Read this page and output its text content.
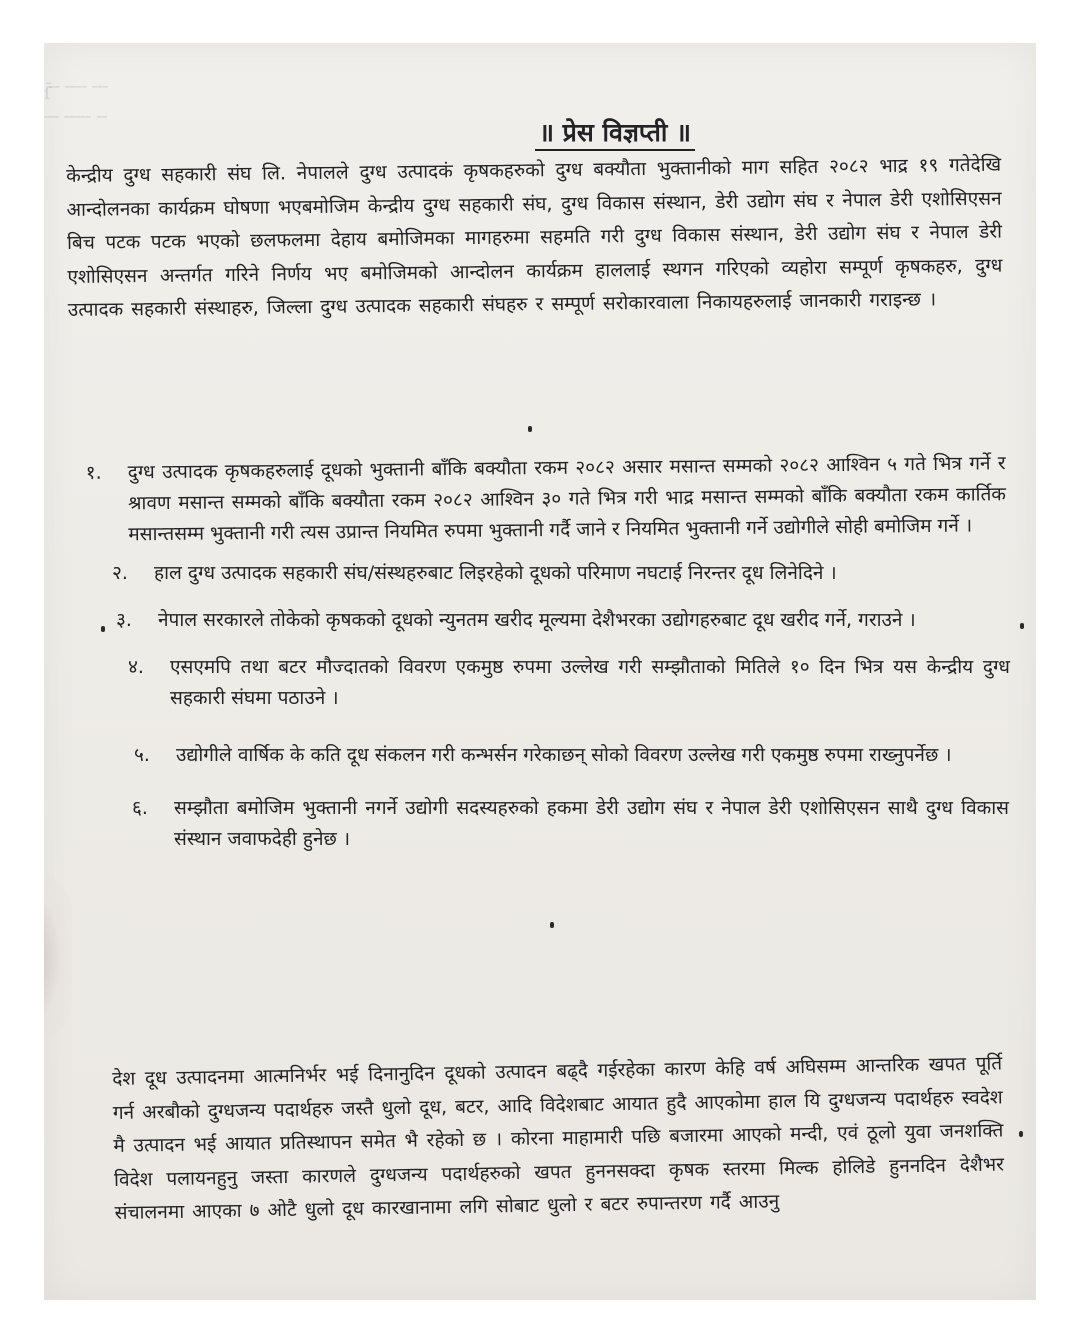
ſ̄ ̄ ̄  ̄ ̄ ̄ ̄  ̄ ̄ ̄
̄ ̄ ̄  ̄ ̄ ̄ ̄ ̄  ̄ ̄	॥ प्रेस विज्ञप्ती ॥

केन्द्रीय दुग्ध सहकारी संघ लि. नेपालले दुग्ध उत्पादकं कृषकहरुको दुग्ध बक्यौता भुक्तानीको माग सहित २०८२ भाद्र १९ गतेदेखि आन्दोलनका कार्यक्रम घोषणा भएबमोजिम केन्द्रीय दुग्ध सहकारी संघ, दुग्ध विकास संस्थान, डेरी उद्योग संघ र नेपाल डेरी एशोसिएसन बिच पटक पटक भएको छलफलमा देहाय बमोजिमका मागहरुमा सहमति गरी दुग्ध विकास संस्थान, डेरी उद्योग संघ र नेपाल डेरी एशोसिएसन अन्तर्गत गरिने निर्णय भए बमोजिमको आन्दोलन कार्यक्रम हाललाई स्थगन गरिएको व्यहोरा सम्पूर्ण कृषकहरु, दुग्ध उत्पादक सहकारी संस्थाहरु, जिल्ला दुग्ध उत्पादक सहकारी संघहरु र सम्पूर्ण सरोकारवाला निकायहरुलाई जानकारी गराइन्छ ।

१. दुग्ध उत्पादक कृषकहरुलाई दूधको भुक्तानी बाँकि बक्यौता रकम २०८२ असार मसान्त सम्मको २०८२ आश्विन ५ गते भित्र गर्ने र श्रावण मसान्त सम्मको बाँकि बक्यौता रकम २०८२ आश्विन ३० गते भित्र गरी भाद्र मसान्त सम्मको बाँकि बक्यौता रकम कार्तिक मसान्तसम्म भुक्तानी गरी त्यस उप्रान्त नियमित रुपमा भुक्तानी गर्दै जाने र नियमित भुक्तानी गर्ने उद्योगीले सोही बमोजिम गर्ने ।
२. हाल दुग्ध उत्पादक सहकारी संघ/संस्थहरुबाट लिइरहेको दूधको परिमाण नघटाई निरन्तर दूध लिनेदिने ।
३. नेपाल सरकारले तोकेको कृषकको दूधको न्युनतम खरीद मूल्यमा देशैभरका उद्योगहरुबाट दूध खरीद गर्ने, गराउने ।
४. एसएमपि तथा बटर मौज्दातको विवरण एकमुष्ठ रुपमा उल्लेख गरी सम्झौताको मितिले १० दिन भित्र यस केन्द्रीय दुग्ध सहकारी संघमा पठाउने ।
५. उद्योगीले वार्षिक के कति दूध संकलन गरी कन्भर्सन गरेकाछन् सोको विवरण उल्लेख गरी एकमुष्ठ रुपमा राख्नुपर्नेछ ।
६. सम्झौता बमोजिम भुक्तानी नगर्ने उद्योगी सदस्यहरुको हकमा डेरी उद्योग संघ र नेपाल डेरी एशोसिएसन साथै दुग्ध विकास संस्थान जवाफदेही हुनेछ ।

देश दूध उत्पादनमा आत्मनिर्भर भई दिनानुदिन दूधको उत्पादन बढ्दै गईरहेका कारण केहि वर्ष अघिसम्म आन्तरिक खपत पूर्ति गर्न अरबौको दुग्धजन्य पदार्थहरु जस्तै धुलो दूध, बटर, आदि विदेशबाट आयात हुदै आएकोमा हाल यि दुग्धजन्य पदार्थहरु स्वदेश मै उत्पादन भई आयात प्रतिस्थापन समेत भै रहेको छ । कोरना माहामारी पछि बजारमा आएको मन्दी, एवं ठूलो युवा जनशक्ति विदेश पलायनहुनु जस्ता कारणले दुग्धजन्य पदार्थहरुको खपत हुननसक्दा कृषक स्तरमा मिल्क होलिडे हुननदिन देशैभर संचालनमा आएका ७ ओटै धुलो दूध कारखानामा लगि सोबाट धुलो र बटर रुपान्तरण गर्दै आउनु
